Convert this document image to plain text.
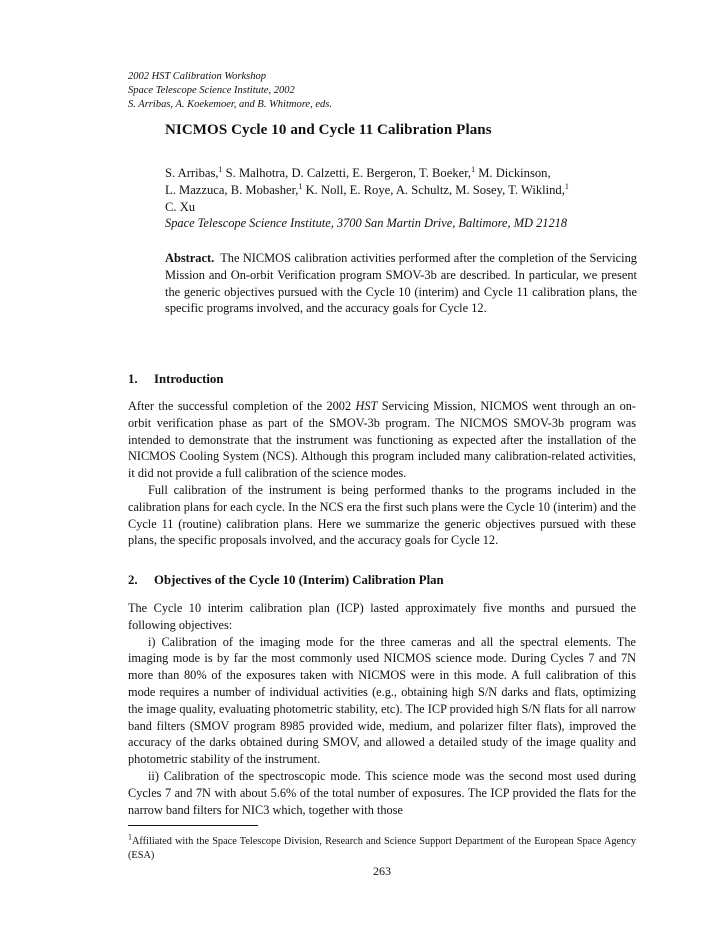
2002 HST Calibration Workshop
Space Telescope Science Institute, 2002
S. Arribas, A. Koekemoer, and B. Whitmore, eds.
NICMOS Cycle 10 and Cycle 11 Calibration Plans
S. Arribas,$^1$ S. Malhotra, D. Calzetti, E. Bergeron, T. Boeker,$^1$ M. Dickinson,
L. Mazzuca, B. Mobasher,$^1$ K. Noll, E. Roye, A. Schultz, M. Sosey, T. Wiklind,$^1$
C. Xu
Space Telescope Science Institute, 3700 San Martin Drive, Baltimore, MD 21218
Abstract. The NICMOS calibration activities performed after the completion of the Servicing Mission and On-orbit Verification program SMOV-3b are described. In particular, we present the generic objectives pursued with the Cycle 10 (interim) and Cycle 11 calibration plans, the specific programs involved, and the accuracy goals for Cycle 12.
1. Introduction

After the successful completion of the 2002 HST Servicing Mission, NICMOS went through an on-orbit verification phase as part of the SMOV-3b program. The NICMOS SMOV-3b program was intended to demonstrate that the instrument was functioning as expected after the installation of the NICMOS Cooling System (NCS). Although this program included many calibration-related activities, it did not provide a full calibration of the science modes.

Full calibration of the instrument is being performed thanks to the programs included in the calibration plans for each cycle. In the NCS era the first such plans were the Cycle 10 (interim) and the Cycle 11 (routine) calibration plans. Here we summarize the generic objectives pursued with these plans, the specific proposals involved, and the accuracy goals for Cycle 12.

2. Objectives of the Cycle 10 (Interim) Calibration Plan

The Cycle 10 interim calibration plan (ICP) lasted approximately five months and pursued the following objectives:

i) Calibration of the imaging mode for the three cameras and all the spectral elements. The imaging mode is by far the most commonly used NICMOS science mode. During Cycles 7 and 7N more than 80% of the exposures taken with NICMOS were in this mode. A full calibration of this mode requires a number of individual activities (e.g., obtaining high S/N darks and flats, optimizing the image quality, evaluating photometric stability, etc). The ICP provided high S/N flats for all narrow band filters (SMOV program 8985 provided wide, medium, and polarizer filter flats), improved the accuracy of the darks obtained during SMOV, and allowed a detailed study of the image quality and photometric stability of the instrument.

ii) Calibration of the spectroscopic mode. This science mode was the second most used during Cycles 7 and 7N with about 5.6% of the total number of exposures. The ICP provided the flats for the narrow band filters for NIC3 which, together with those

$^1$Affiliated with the Space Telescope Division, Research and Science Support Department of the European Space Agency (ESA)
263
